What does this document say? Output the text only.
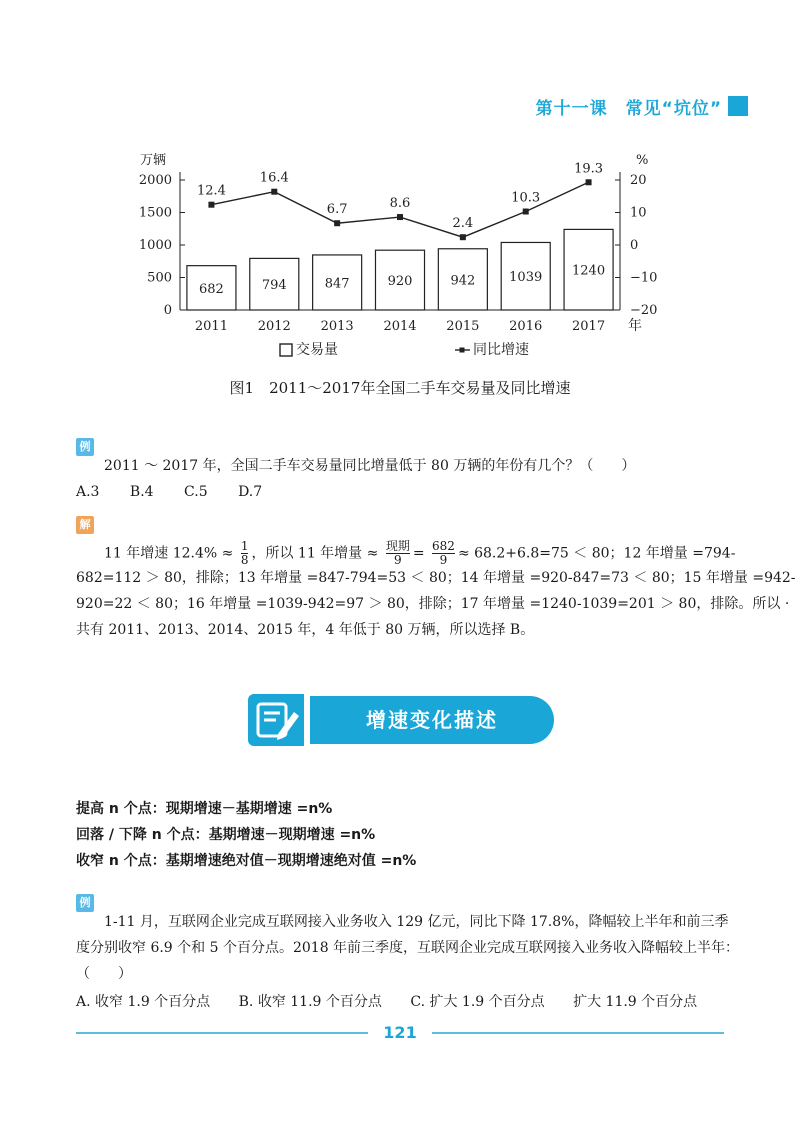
第十一课　常见“坑位”
万辆	%
年
0
500
1000
1500
2000
−20
−10
0
10
20
682
2011
794
2012
847
2013
920
2014
942
2015
1039
2016
1240
2017
12.4
16.4
6.7	8.6
2.4
10.3
19.3
交易量	同比增速
图1　2011～2017年全国二手车交易量及同比增速
例
2011 ～ 2017 年，全国二手车交易量同比增量低于 80 万辆的年份有几个？（　　）
A.3 B.4 C.5 D.7
解
11 年增速 $12.4\% \approx \frac{1}{8}$ ，所以 11 年增量 ≈ 现期
$9 = \frac{682}{9} \approx 68.2+6.8=75 < 80$；12 年增量 =794-
682=112 ＞ 80，排除；13 年增量 =847-794=53 ＜ 80；14 年增量 =920-847=73 ＜ 80；15 年增量 =942-
920=22 ＜ 80；16 年增量 =1039-942=97 ＞ 80，排除；17 年增量 =1240-1039=201 ＞ 80，排除。所以 ·
共有 2011、2013、2014、2015 年，4 年低于 80 万辆，所以选择 B。
增速变化描述
提高 n 个点：现期增速－基期增速 =n%
回落 / 下降 n 个点：基期增速－现期增速 =n%
收窄 n 个点：基期增速绝对值－现期增速绝对值 =n%
例
1-11 月，互联网企业完成互联网接入业务收入 129 亿元，同比下降 17.8%，降幅较上半年和前三季
度分别收窄 6.9 个和 5 个百分点。2018 年前三季度，互联网企业完成互联网接入业务收入降幅较上半年：
（　　）
A. 收窄 1.9 个百分点 B. 收窄 11.9 个百分点 C. 扩大 1.9 个百分点 扩大 11.9 个百分点
121
